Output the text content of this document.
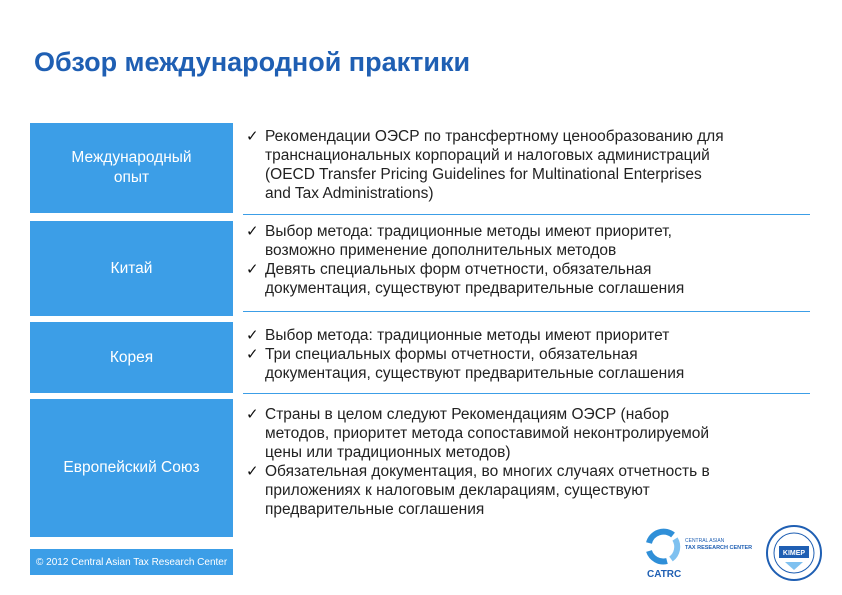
Обзор международной практики
Международный
опыт
✓ Рекомендации ОЭСР по трансфертному ценообразованию для
транснациональных корпораций и налоговых администраций
(OECD Transfer Pricing Guidelines for Multinational Enterprises
and Tax Administrations)
Китай
✓ Выбор метода: традиционные методы имеют приоритет,
возможно применение дополнительных методов
✓ Девять специальных форм отчетности, обязательная
документация, существуют предварительные соглашения
Корея
✓ Выбор метода: традиционные методы имеют приоритет
✓ Три специальных формы отчетности, обязательная
документация, существуют предварительные соглашения
Европейский Союз
✓ Страны в целом следуют Рекомендациям ОЭСР (набор
методов, приоритет метода сопоставимой неконтролируемой
цены или традиционных методов)
✓ Обязательная документация, во многих случаях отчетность в
приложениях к налоговым декларациям, существуют
предварительные соглашения
© 2012 Central Asian Tax Research Center
CENTRAL ASIAN
TAX RESEARCH CENTER
CATRC
KIMEP
